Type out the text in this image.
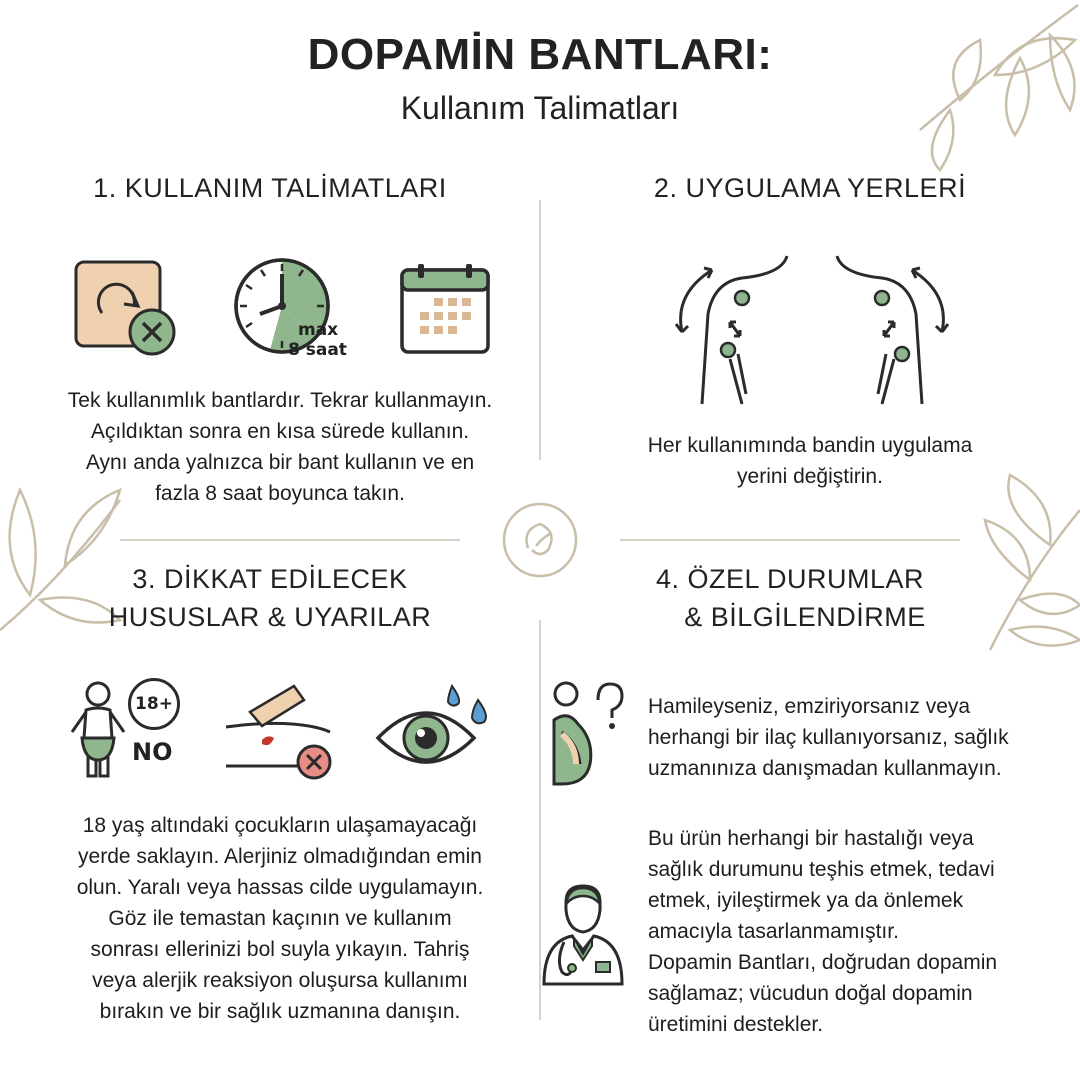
DOPAMİN BANTLARI:
Kullanım Talimatları
1. KULLANIM TALİMATLARI
max
8 saat
Tek kullanımlık bantlardır. Tekrar kullanmayın.
Açıldıktan sonra en kısa sürede kullanın.
Aynı anda yalnızca bir bant kullanın ve en
fazla 8 saat boyunca takın.
2. UYGULAMA YERLERİ
Her kullanımında bandin uygulama
yerini değiştirin.
3. DİKKAT EDİLECEK
HUSUSLAR & UYARILAR
18+
NO
18 yaş altındaki çocukların ulaşamayacağı
yerde saklayın. Alerjiniz olmadığından emin
olun. Yaralı veya hassas cilde uygulamayın.
Göz ile temastan kaçının ve kullanım
sonrası ellerinizi bol suyla yıkayın. Tahriş
veya alerjik reaksiyon oluşursa kullanımı
bırakın ve bir sağlık uzmanına danışın.
4. ÖZEL DURUMLAR
& BİLGİLENDİRME
Hamileyseniz, emziriyorsanız veya
herhangi bir ilaç kullanıyorsanız, sağlık
uzmanınıza danışmadan kullanmayın.
Bu ürün herhangi bir hastalığı veya
sağlık durumunu teşhis etmek, tedavi
etmek, iyileştirmek ya da önlemek
amacıyla tasarlanmamıştır.
Dopamin Bantları, doğrudan dopamin
sağlamaz; vücudun doğal dopamin
üretimini destekler.
